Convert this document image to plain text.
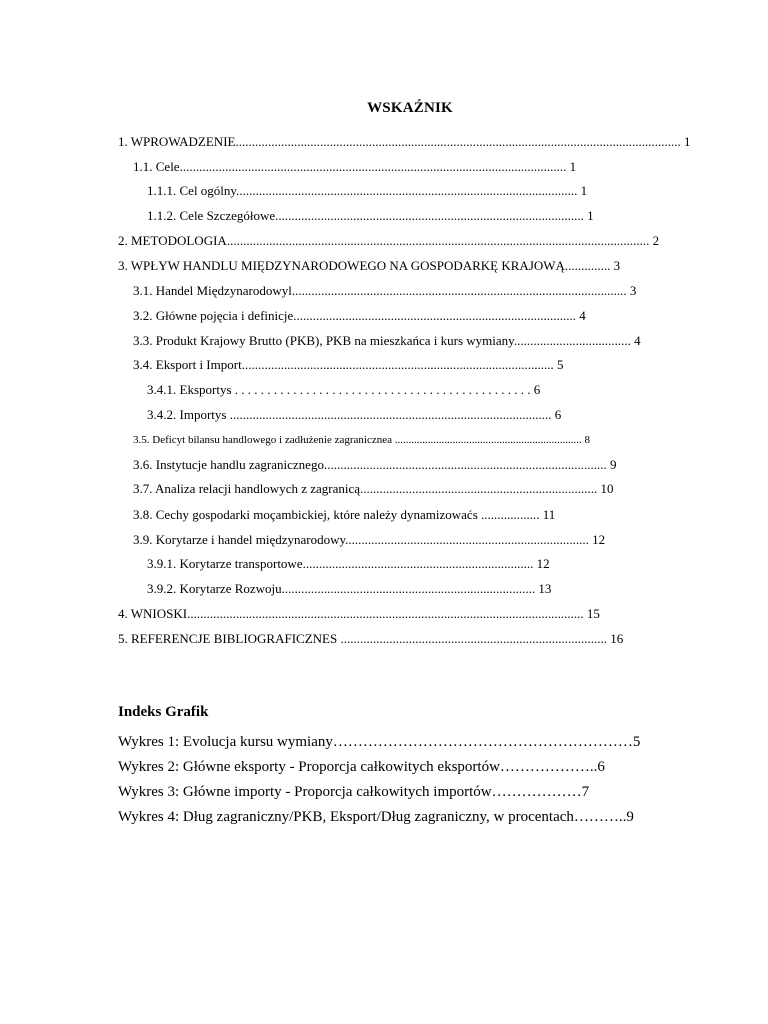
WSKAŹNIK
1. WPROWADZENIE......................................................................................................................................... 1
1.1. Cele....................................................................................................................... 1
1.1.1. Cel ogólny......................................................................................................... 1
1.1.2. Cele Szczegółowe............................................................................................... 1
2. METODOLOGIA.................................................................................................................................. 2
3. WPŁYW HANDLU MIĘDZYNARODOWEGO NA GOSPODARKĘ KRAJOWĄ.............. 3
3.1. Handel Międzynarodowyl....................................................................................................... 3
3.2. Główne pojęcia i definicje....................................................................................... 4
3.3. Produkt Krajowy Brutto (PKB), PKB na mieszkańca i kurs wymiany.................................... 4
3.4. Eksport i Import................................................................................................ 5
3.4.1. Eksportys . . . . . . . . . . . . . . . . . . . . . . . . . . . . . . . . . . . . . . . . . . . . . . 6
3.4.2. Importys ................................................................................................... 6
3.5. Deficyt bilansu handlowego i zadłużenie zagraniczneа .................................................................... 8
3.6. Instytucje handlu zagranicznego....................................................................................... 9
3.7. Analiza relacji handlowych z zagranicą......................................................................... 10
3.8. Cechy gospodarki moçambickiej, które należy dynamizowaćs .................. 11
3.9. Korytarze i handel międzynarodowy........................................................................... 12
3.9.1. Korytarze transportowe....................................................................... 12
3.9.2. Korytarze Rozwoju.............................................................................. 13
4. WNIOSKI.......................................................................................................................... 15
5. REFERENCJE BIBLIOGRAFICZNES .................................................................................. 16
Indeks Grafik
Wykres 1: Evolucja kursu wymiany……………………………………………………5
Wykres 2: Główne eksporty - Proporcja całkowitych eksportów………………..6
Wykres 3: Główne importy - Proporcja całkowitych importów………………7
Wykres 4: Dług zagraniczny/PKB, Eksport/Dług zagraniczny, w procentach………..9
